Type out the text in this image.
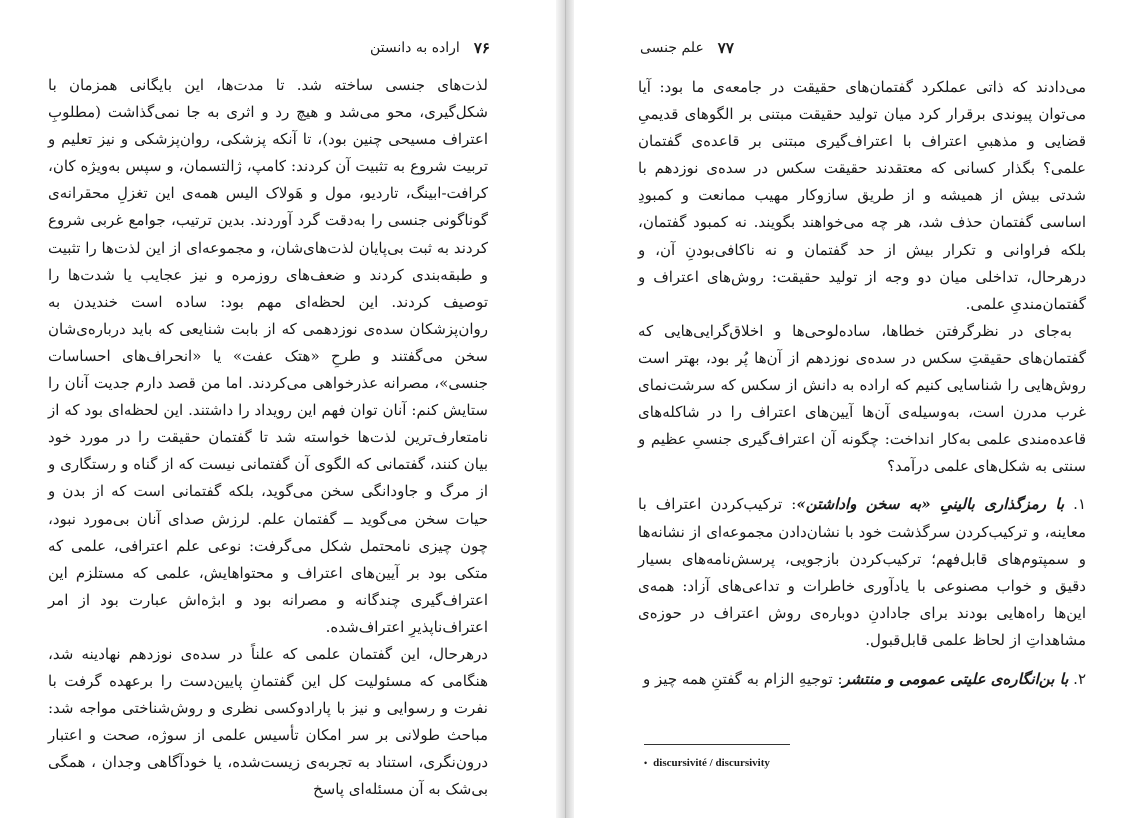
۷۶
اراده به دانستن

لذت‌های جنسی ساخته شد. تا مدت‌ها، این بایگانی همزمان با شکل‌گیری، محو می‌شد و هیچ رد و اثری به جا نمی‌گذاشت (مطلوبِ اعتراف مسیحی چنین بود)، تا آنکه پزشکی، روان‌پزشکی و نیز تعلیم و تربیت شروع به تثبیت آن کردند: کامپ، ژالتسمان، و سپس به‌ویژه کان، کرافت-ابینگ، تاردیو، مول و هَولاک الیس همه‌ی این تغزلِ محقرانه‌ی گوناگونی جنسی را به‌دقت گرد آوردند. بدین ترتیب، جوامع غربی شروع کردند به ثبت بی‌پایان لذت‌های‌شان، و مجموعه‌ای از این لذت‌ها را تثبیت و طبقه‌بندی کردند و ضعف‌های روزمره و نیز عجایب یا شدت‌ها را توصیف کردند. این لحظه‌ای مهم بود: ساده است خندیدن به روان‌پزشکان سده‌ی نوزدهمی که از بابت شنایعی که باید درباره‌ی‌شان سخن می‌گفتند و طرحِ «هتک عفت» یا «انحراف‌های احساسات جنسی»، مصرانه عذرخواهی می‌کردند. اما من قصد دارم جدیت آنان را ستایش کنم: آنان توان فهم این رویداد را داشتند. این لحظه‌ای بود که از نامتعارف‌ترین لذت‌ها خواسته شد تا گفتمان حقیقت را در مورد خود بیان کنند، گفتمانی که الگوی آن گفتمانی نیست که از گناه و رستگاری و از مرگ و جاودانگی سخن می‌گوید، بلکه گفتمانی است که از بدن و حیات سخن می‌گوید ــ گفتمان علم. لرزش صدای آنان بی‌مورد نبود، چون چیزی نامحتمل شکل می‌گرفت: نوعی علم اعترافی، علمی که متکی بود بر آیین‌های اعتراف و محتواهایش، علمی که مستلزم این اعتراف‌گیری چندگانه و مصرانه بود و ابژه‌اش عبارت بود از امر اعتراف‌ناپذیرِ اعتراف‌شده.

درهرحال، این گفتمان علمی که علناً در سده‌ی نوزدهم نهادینه شد، هنگامی که مسئولیت کل این گفتمانِ پایین‌دست را برعهده گرفت با نفرت و رسوایی و نیز با پارادوکسی نظری و روش‌شناختی مواجه شد: مباحث طولانی بر سر امکان تأسیس علمی از سوژه، صحت و اعتبار درون‌نگری، استناد به تجربه‌ی زیست‌شده، یا خودآگاهی وجدان ، همگی بی‌شک به آن مسئله‌ای پاسخ

۷۷
علم جنسی

می‌دادند که ذاتی عملکرد گفتمان‌های حقیقت در جامعه‌ی ما بود: آیا می‌توان پیوندی برقرار کرد میان تولید حقیقت مبتنی بر الگوهای قدیمیِ قضایی و مذهبیِ اعتراف با اعتراف‌گیری مبتنی بر قاعده‌ی گفتمان علمی؟ بگذار کسانی که معتقدند حقیقت سکس در سده‌ی نوزدهم با شدتی بیش از همیشه و از طریق سازوکار مهیب ممانعت و کمبودِ اساسی گفتمان حذف شد، هر چه می‌خواهند بگویند. نه کمبود گفتمان، بلکه فراوانی و تکرار بیش از حد گفتمان و نه ناکافی‌بودنِ آن، و درهرحال، تداخلی میان دو وجه از تولید حقیقت: روش‌های اعتراف و گفتمان‌مندیِ علمی.

به‌جای در نظرگرفتن خطاها، ساده‌لوحی‌ها و اخلاق‌گرایی‌هایی که گفتمان‌های حقیقتِ سکس در سده‌ی نوزدهم از آن‌ها پُر بود، بهتر است روش‌هایی را شناسایی کنیم که اراده به دانش از سکس که سرشت‌نمای غرب مدرن است، به‌وسیله‌ی آن‌ها آیین‌های اعتراف را در شاکله‌های قاعده‌مندی علمی به‌کار انداخت: چگونه آن اعتراف‌گیری جنسیِ عظیم و سنتی به شکل‌های علمی درآمد؟

۱. با رمزگذاری بالینیِ «به سخن واداشتن»: ترکیب‌کردن اعتراف با معاینه، و ترکیب‌کردن سرگذشت خود با نشان‌دادن مجموعه‌ای از نشانه‌ها و سمپتوم‌های قابل‌فهم؛ ترکیب‌کردن بازجویی، پرسش‌نامه‌های بسیار دقیق و خواب مصنوعی با یادآوری خاطرات و تداعی‌های آزاد: همه‌ی این‌ها راه‌هایی بودند برای جادادنِ دوباره‌ی روش اعتراف در حوزه‌ی مشاهداتِ از لحاظ علمی قابل‌قبول.

۲. با بن‌انگاره‌ی علیتی عمومی و منتشر: توجیهِ الزام به گفتنِ همه چیز و

• discursivité / discursivity
